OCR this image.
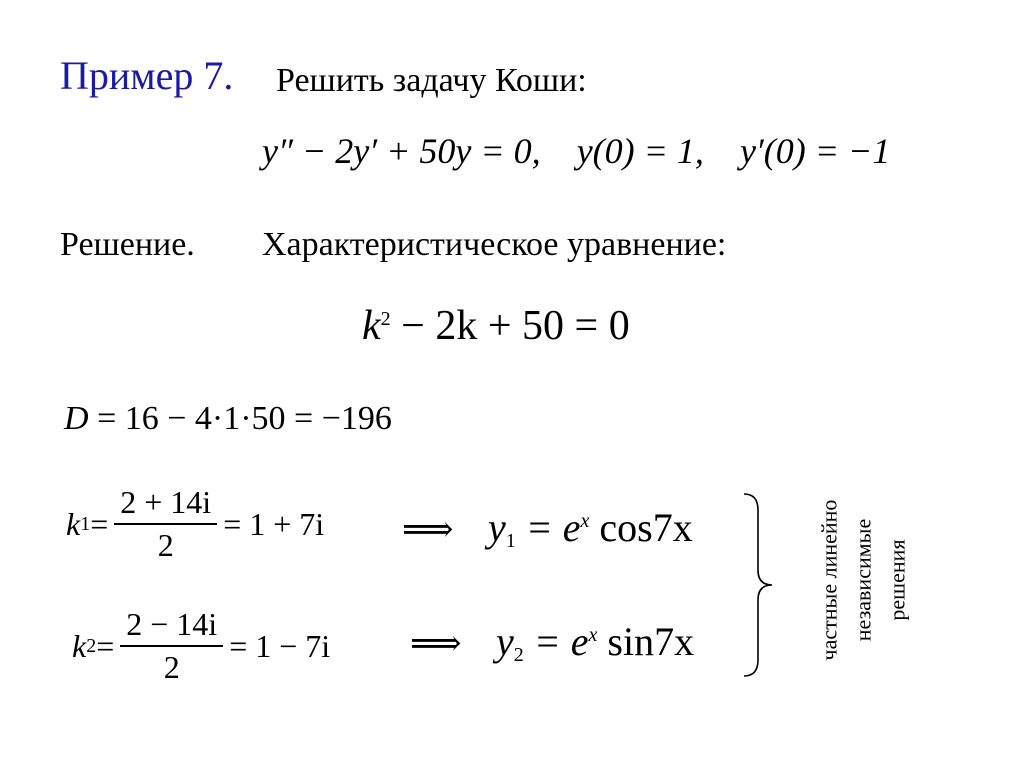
Пример 7. Решить задачу Коши:
y″ − 2y′ + 50y = 0, y(0) = 1, y′(0) = −1
Решение. Характеристическое уравнение:
$k^2 - 2k + 50 = 0$
D = 16 − 4·1·50 = −196
k $1 = \frac{2 + 14i}{2} = 1 + 7i$ ⟹ $y_1 = e^x$ cos7x
k $2 = \frac{2 - 14i}{2} = 1 - 7i$ ⟹ $y_2 = e^x$ sin7x	частные линейно независимые решения
